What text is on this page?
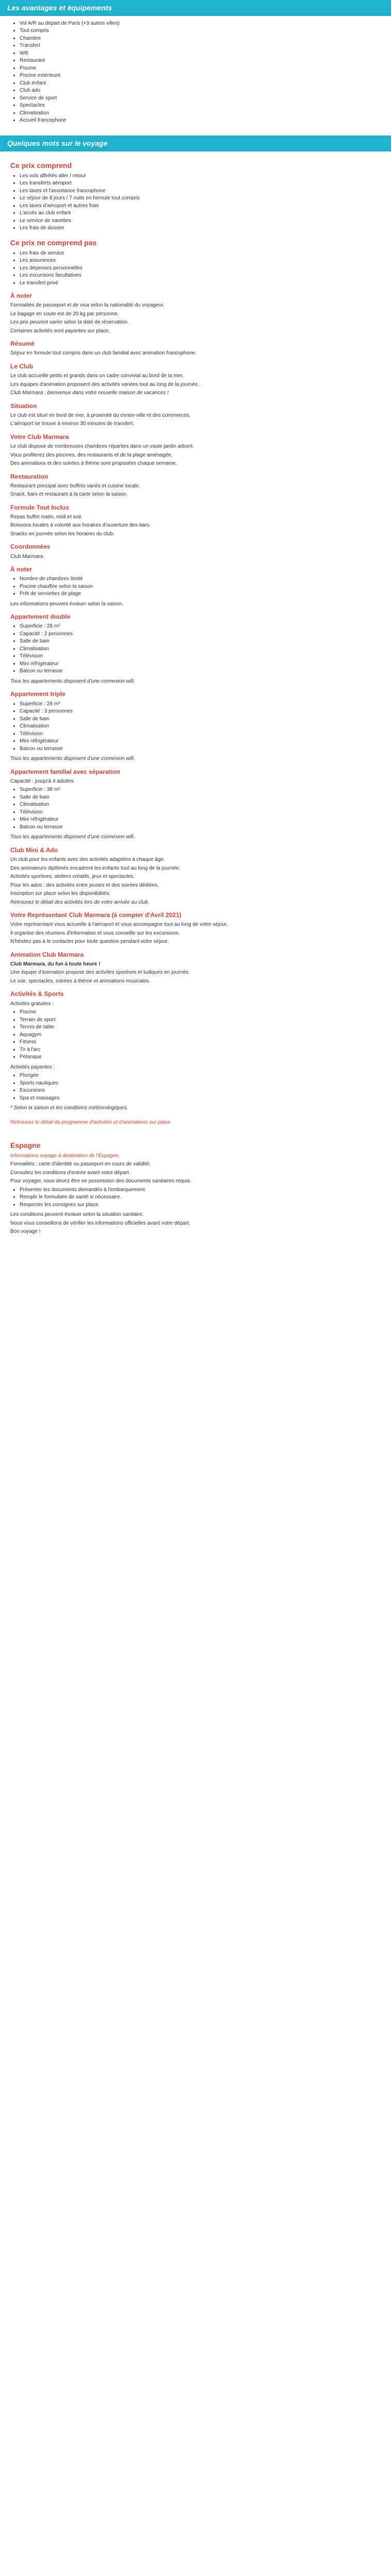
Les avantages et équipements
• Vol A/R au départ de Paris (+3 autres villes)
• Tout compris
• Chambre
• Transfert
• Wifi
• Restaurant
• Piscine
• Piscine extérieure
• Club enfant
• Club ado
• Service de sport
• Spectacles
• Climatisation
• Accueil francophone
Quelques mots sur le voyage
Ce prix comprend
• Les vols affrétés aller / retour
• Les transferts aéroport
• Les taxes et l'assistance francophone
• Le séjour de 8 jours / 7 nuits en formule tout compris
• Les taxes d'aéroport et autres frais
• L'accès au club enfant
• Le service de navettes
• Les frais de dossier
Ce prix ne comprend pas
• Les frais de service
• Les assurances
• Les dépenses personnelles
• Les excursions facultatives
• Le transfert privé
À noter

Formalités de passeport et de visa selon la nationalité du voyageur.

Le bagage en soute est de 20 kg par personne.

Les prix peuvent varier selon la date de réservation.

Certaines activités sont payantes sur place.

Résumé

Séjour en formule tout compris dans un club familial avec animation francophone.

Le Club

Le club accueille petits et grands dans un cadre convivial au bord de la mer.

Les équipes d'animation proposent des activités variées tout au long de la journée.

Club Marmara : bienvenue dans votre nouvelle maison de vacances !

Situation

Le club est situé en bord de mer, à proximité du centre-ville et des commerces.

L'aéroport se trouve à environ 30 minutes de transfert.

Votre Club Marmara

Le club dispose de nombreuses chambres réparties dans un vaste jardin arboré.

Vous profiterez des piscines, des restaurants et de la plage aménagée.

Des animations et des soirées à thème sont proposées chaque semaine.

Restauration

Restaurant principal avec buffets variés et cuisine locale.

Snack, bars et restaurant à la carte selon la saison.

Formule Tout Inclus

Repas buffet matin, midi et soir.

Boissons locales à volonté aux horaires d'ouverture des bars.

Snacks en journée selon les horaires du club.

Coordonnées

Club Marmara

À noter
• Nombre de chambres limité
• Piscine chauffée selon la saison
• Prêt de serviettes de plage

Les informations peuvent évoluer selon la saison.

Appartement double
• Superficie : 28 m²
• Capacité : 2 personnes
• Salle de bain
• Climatisation
• Télévision
• Mini réfrigérateur
• Balcon ou terrasse

Tous les appartements disposent d'une connexion wifi.

Appartement triple
• Superficie : 28 m²
• Capacité : 3 personnes
• Salle de bain
• Climatisation
• Télévision
• Mini réfrigérateur
• Balcon ou terrasse

Tous les appartements disposent d'une connexion wifi.

Appartement familial avec séparation

Capacité : jusqu'à 4 adultes.

• Superficie : 38 m²
• Salle de bain
• Climatisation
• Télévision
• Mini réfrigérateur
• Balcon ou terrasse

Tous les appartements disposent d'une connexion wifi.

Club Mini & Ado

Un club pour les enfants avec des activités adaptées à chaque âge.

Des animateurs diplômés encadrent les enfants tout au long de la journée.

Activités sportives, ateliers créatifs, jeux et spectacles.

Pour les ados : des activités entre jeunes et des soirées dédiées.

Inscription sur place selon les disponibilités.

Retrouvez le détail des activités lors de votre arrivée au club.

Votre Représentant Club Marmara (à compter d'Avril 2021)

Votre représentant vous accueille à l'aéroport et vous accompagne tout au long de votre séjour.

Il organise des réunions d'information et vous conseille sur les excursions.

N'hésitez pas à le contacter pour toute question pendant votre séjour.

Animation Club Marmara

Club Marmara, du fun à toute heure !

Une équipe d'animation propose des activités sportives et ludiques en journée.

Le soir, spectacles, soirées à thème et animations musicales.

Activités & Sports

Activités gratuites :

• Piscine
• Terrain de sport
• Tennis de table
• Aquagym
• Fitness
• Tir à l'arc
• Pétanque

Activités payantes :

• Plongée
• Sports nautiques
• Excursions
• Spa et massages

* Selon la saison et les conditions météorologiques.

Retrouvez le détail du programme d'activités et d'animations sur place.

Espagne

Informations voyage à destination de l'Espagne.

Formalités : carte d'identité ou passeport en cours de validité.

Consultez les conditions d'entrée avant votre départ.

Pour voyager, vous devez être en possession des documents sanitaires requis.

• Présenter les documents demandés à l'embarquement.
• Remplir le formulaire de santé si nécessaire.
• Respecter les consignes sur place.

Les conditions peuvent évoluer selon la situation sanitaire.

Nous vous conseillons de vérifier les informations officielles avant votre départ.

Bon voyage !
